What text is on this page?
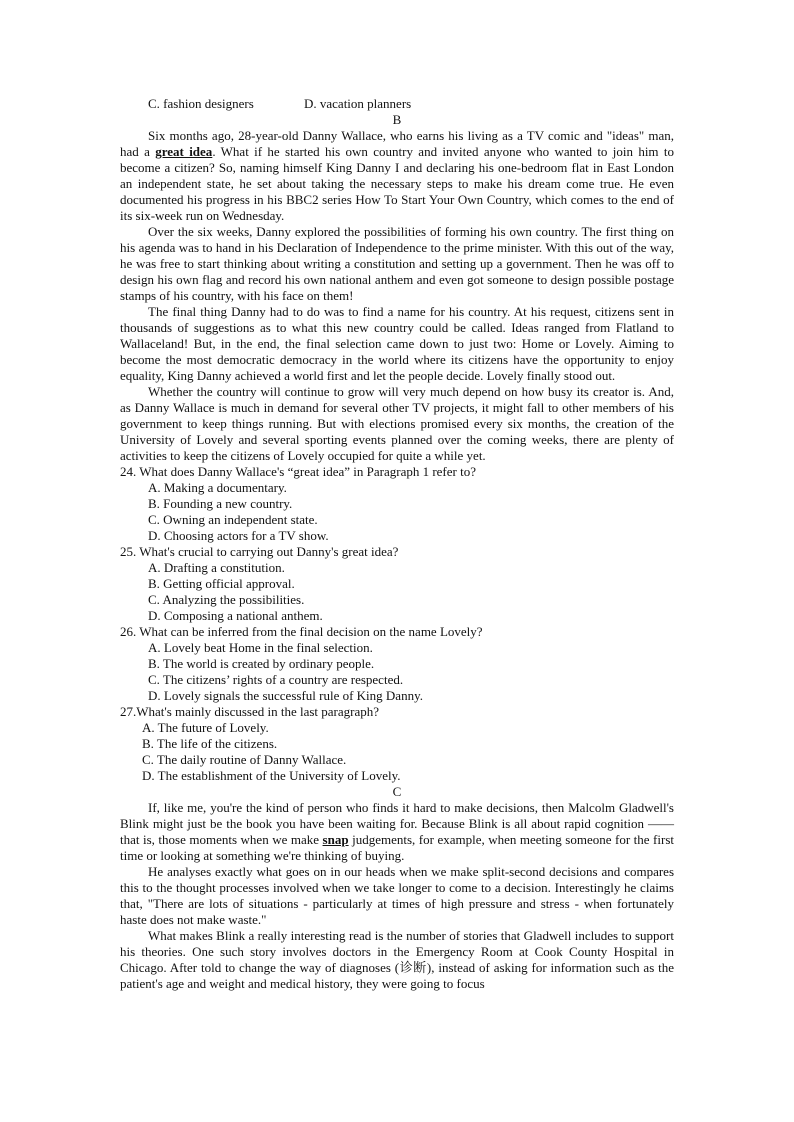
C. fashion designers	D. vacation planners
B

Six months ago, 28-year-old Danny Wallace, who earns his living as a TV comic and "ideas" man, had a great idea. What if he started his own country and invited anyone who wanted to join him to become a citizen? So, naming himself King Danny I and declaring his one-bedroom flat in East London an independent state, he set about taking the necessary steps to make his dream come true. He even documented his progress in his BBC2 series How To Start Your Own Country, which comes to the end of its six-week run on Wednesday.

Over the six weeks, Danny explored the possibilities of forming his own country. The first thing on his agenda was to hand in his Declaration of Independence to the prime minister. With this out of the way, he was free to start thinking about writing a constitution and setting up a government. Then he was off to design his own flag and record his own national anthem and even got someone to design possible postage stamps of his country, with his face on them!

The final thing Danny had to do was to find a name for his country. At his request, citizens sent in thousands of suggestions as to what this new country could be called. Ideas ranged from Flatland to Wallaceland! But, in the end, the final selection came down to just two: Home or Lovely. Aiming to become the most democratic democracy in the world where its citizens have the opportunity to enjoy equality, King Danny achieved a world first and let the people decide. Lovely finally stood out.

Whether the country will continue to grow will very much depend on how busy its creator is. And, as Danny Wallace is much in demand for several other TV projects, it might fall to other members of his government to keep things running. But with elections promised every six months, the creation of the University of Lovely and several sporting events planned over the coming weeks, there are plenty of activities to keep the citizens of Lovely occupied for quite a while yet.

24. What does Danny Wallace's “great idea” in Paragraph 1 refer to?
A. Making a documentary.
B. Founding a new country.
C. Owning an independent state.
D. Choosing actors for a TV show.
25. What's crucial to carrying out Danny's great idea?
A. Drafting a constitution.
B. Getting official approval.
C. Analyzing the possibilities.
D. Composing a national anthem.
26. What can be inferred from the final decision on the name Lovely?
A. Lovely beat Home in the final selection.
B. The world is created by ordinary people.
C. The citizens’ rights of a country are respected.
D. Lovely signals the successful rule of King Danny.
27.What's mainly discussed in the last paragraph?
A. The future of Lovely.
B. The life of the citizens.
C. The daily routine of Danny Wallace.
D. The establishment of the University of Lovely.
C

If, like me, you're the kind of person who finds it hard to make decisions, then Malcolm Gladwell's Blink might just be the book you have been waiting for. Because Blink is all about rapid cognition ——that is, those moments when we make snap judgements, for example, when meeting someone for the first time or looking at something we're thinking of buying.

He analyses exactly what goes on in our heads when we make split-second decisions and compares this to the thought processes involved when we take longer to come to a decision. Interestingly he claims that, "There are lots of situations - particularly at times of high pressure and stress - when fortunately haste does not make waste."

What makes Blink a really interesting read is the number of stories that Gladwell includes to support his theories. One such story involves doctors in the Emergency Room at Cook County Hospital in Chicago. After told to change the way of diagnoses (诊断), instead of asking for information such as the patient's age and weight and medical history, they were going to focus
